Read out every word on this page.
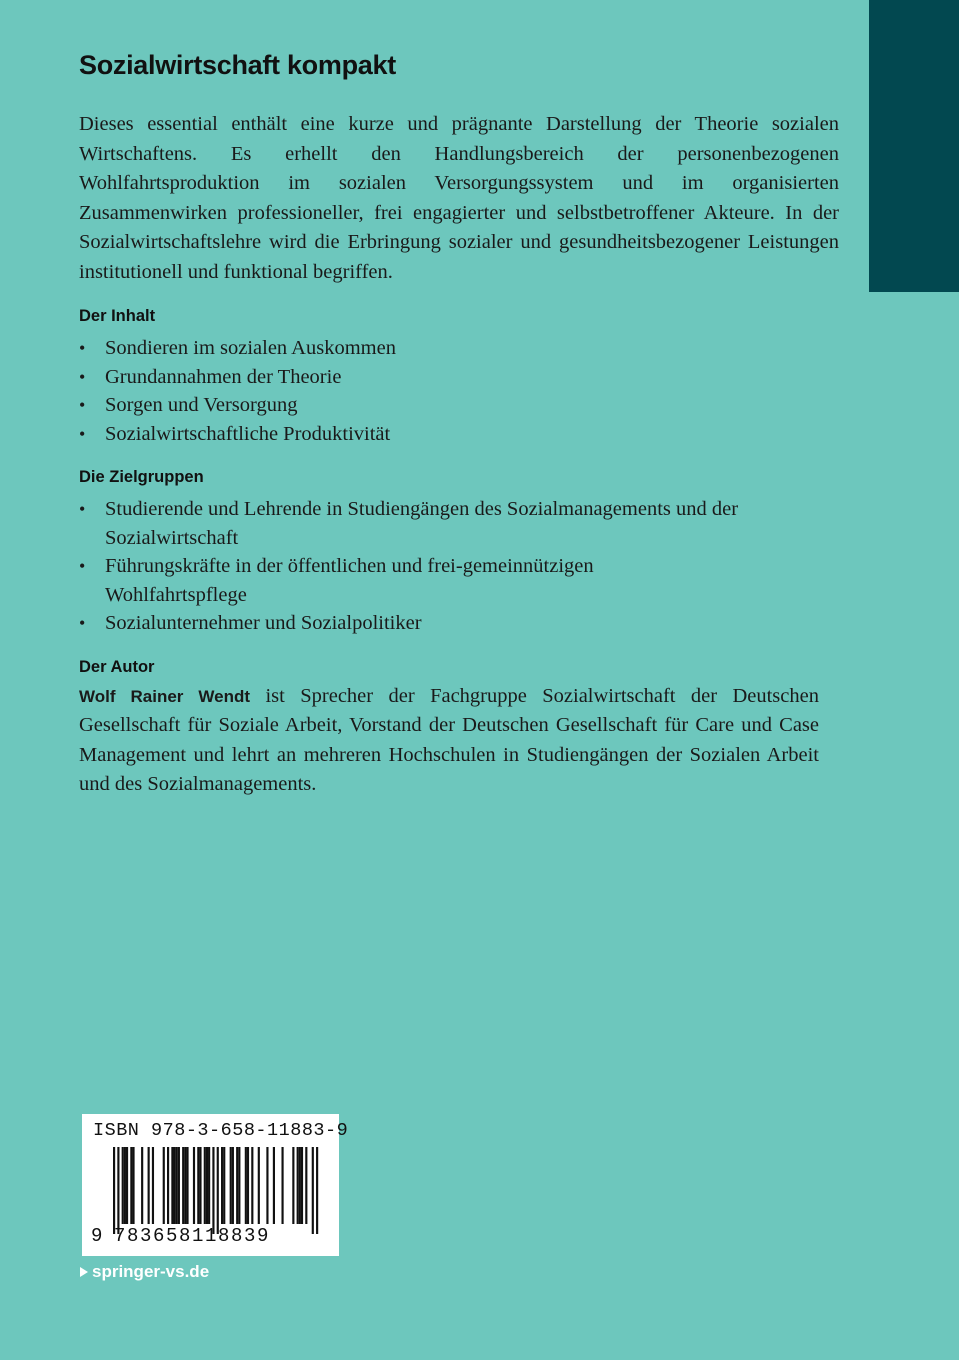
Sozialwirtschaft kompakt

Dieses essential enthält eine kurze und prägnante Darstellung der Theorie sozialen Wirtschaftens. Es erhellt den Handlungsbereich der personenbezogenen Wohlfahrtsproduktion im sozialen Versorgungssystem und im organisierten Zusammenwirken professioneller, frei engagierter und selbstbetroffener Akteure. In der Sozialwirtschaftslehre wird die Erbringung sozialer und gesundheitsbezogener Leistungen institutionell und funktional begriffen.

Der Inhalt
• Sondieren im sozialen Auskommen
• Grundannahmen der Theorie
• Sorgen und Versorgung
• Sozialwirtschaftliche Produktivität
Die Zielgruppen
• Studierende und Lehrende in Studiengängen des Sozialmanagements und der Sozialwirtschaft
• Führungskräfte in der öffentlichen und frei-gemeinnützigen Wohlfahrtspflege
• Sozialunternehmer und Sozialpolitiker
Der Autor

Wolf Rainer Wendt ist Sprecher der Fachgruppe Sozialwirtschaft der Deutschen Gesellschaft für Soziale Arbeit, Vorstand der Deutschen Gesellschaft für Care und Case Management und lehrt an mehreren Hochschulen in Studiengängen der Sozialen Arbeit und des Sozialmanagements.

ISBN 978-3-658-11883-9
9 783658118839
springer-vs.de
